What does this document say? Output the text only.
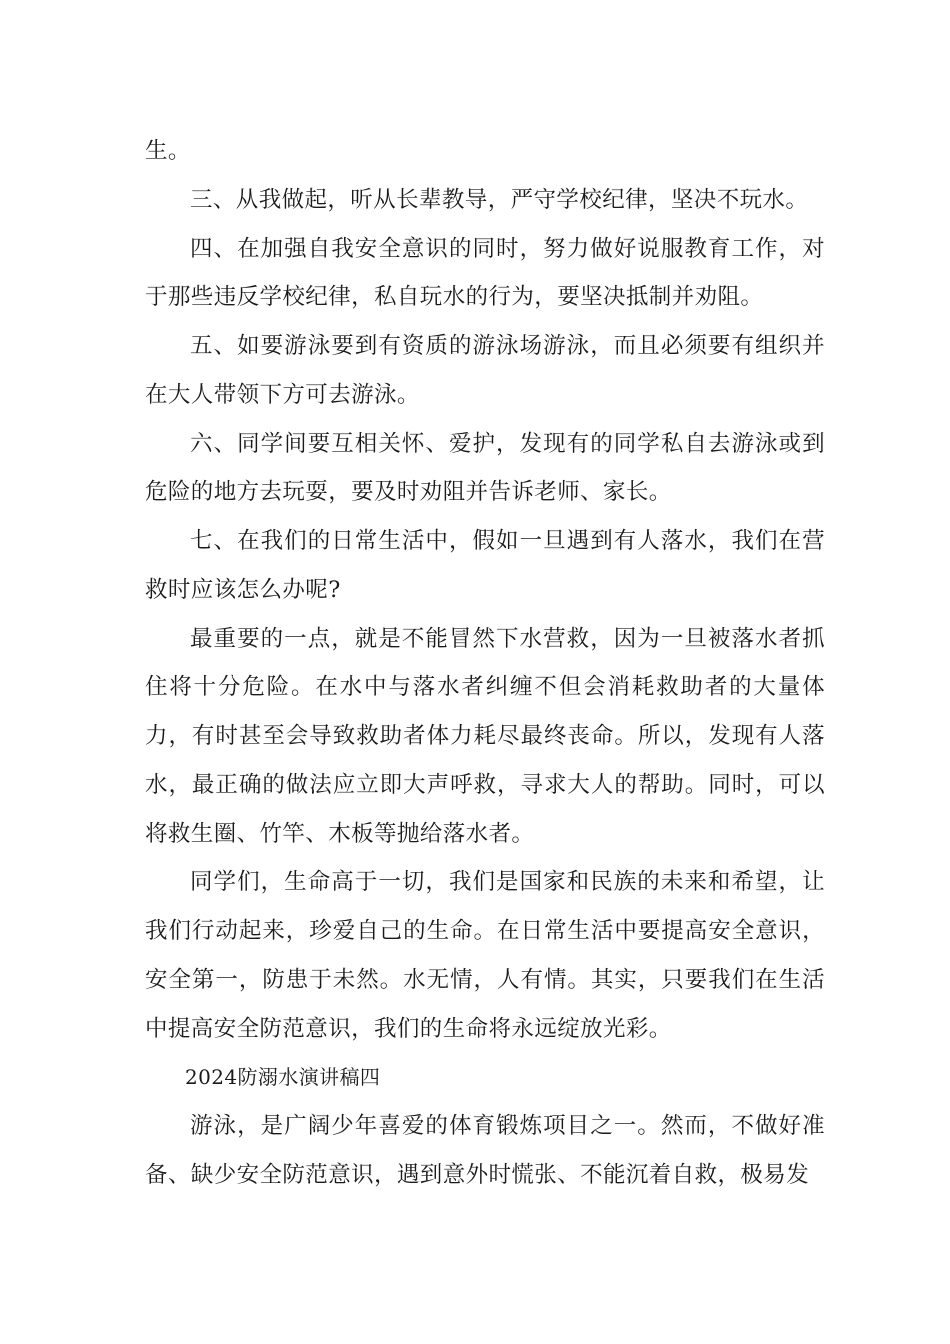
生。

三、从我做起，听从长辈教导，严守学校纪律，坚决不玩水。

四、在加强自我安全意识的同时，努力做好说服教育工作，对于那些违反学校纪律，私自玩水的行为，要坚决抵制并劝阻。

五、如要游泳要到有资质的游泳场游泳，而且必须要有组织并在大人带领下方可去游泳。

六、同学间要互相关怀、爱护，发现有的同学私自去游泳或到危险的地方去玩耍，要及时劝阻并告诉老师、家长。

七、在我们的日常生活中，假如一旦遇到有人落水，我们在营救时应该怎么办呢?

最重要的一点，就是不能冒然下水营救，因为一旦被落水者抓住将十分危险。在水中与落水者纠缠不但会消耗救助者的大量体力，有时甚至会导致救助者体力耗尽最终丧命。所以，发现有人落水，最正确的做法应立即大声呼救，寻求大人的帮助。同时，可以将救生圈、竹竿、木板等抛给落水者。

同学们，生命高于一切，我们是国家和民族的未来和希望，让我们行动起来，珍爱自己的生命。在日常生活中要提高安全意识，安全第一，防患于未然。水无情，人有情。其实，只要我们在生活中提高安全防范意识，我们的生命将永远绽放光彩。

2024防溺水演讲稿四

游泳，是广阔少年喜爱的体育锻炼项目之一。然而，不做好准备、缺少安全防范意识，遇到意外时慌张、不能沉着自救，极易发
